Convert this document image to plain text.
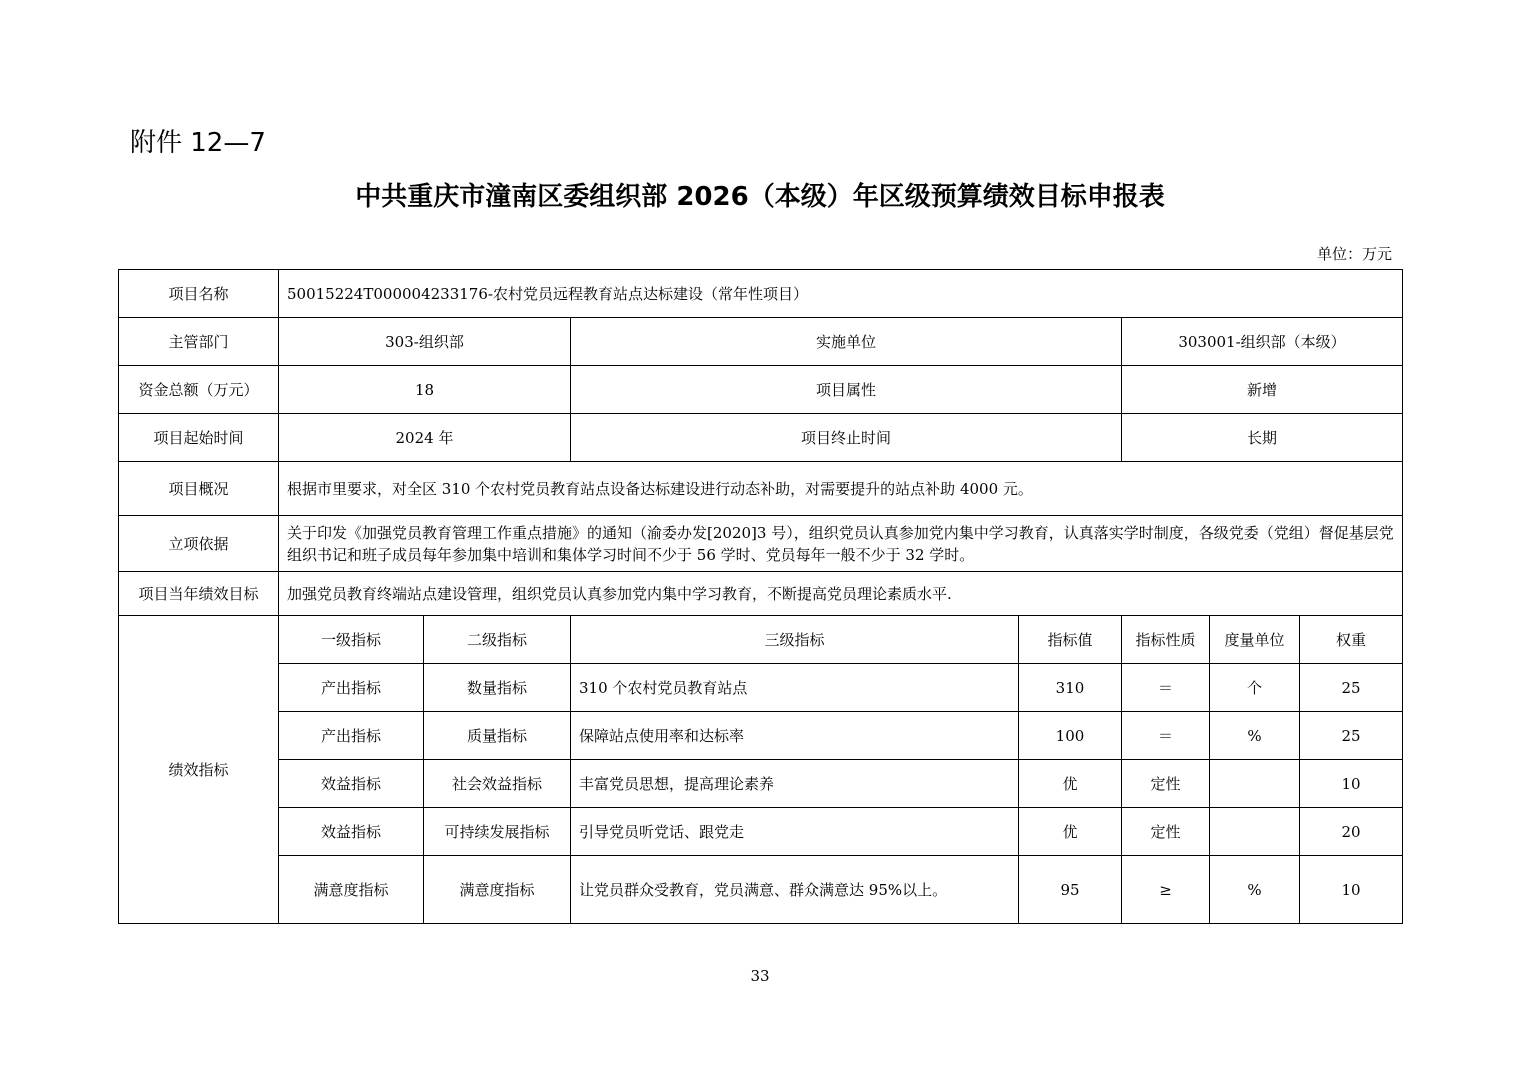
附件 12—7
中共重庆市潼南区委组织部 2026（本级）年区级预算绩效目标申报表
单位：万元
项目名称	50015224T000004233176-农村党员远程教育站点达标建设（常年性项目）						
主管部门	303-组织部		实施单位		303001-组织部（本级）		
资金总额（万元）	18		项目属性		新增		
项目起始时间	2024 年		项目终止时间		长期		
项目概况	根据市里要求，对全区 310 个农村党员教育站点设备达标建设进行动态补助，对需要提升的站点补助 4000 元。						
立项依据	关于印发《加强党员教育管理工作重点措施》的通知（渝委办发[2020]3 号），组织党员认真参加党内集中学习教育，认真落实学时制度，各级党委（党组）督促基层党组织书记和班子成员每年参加集中培训和集体学习时间不少于 56 学时、党员每年一般不少于 32 学时。						
项目当年绩效目标	加强党员教育终端站点建设管理，组织党员认真参加党内集中学习教育，不断提高党员理论素质水平.						
绩效指标	一级指标	二级指标	三级指标	指标值	指标性质	度量单位	权重
	产出指标	数量指标	310 个农村党员教育站点	310	＝	个	25
	产出指标	质量指标	保障站点使用率和达标率	100	＝	%	25
	效益指标	社会效益指标	丰富党员思想，提高理论素养	优	定性		10
	效益指标	可持续发展指标	引导党员听党话、跟党走	优	定性		20
	满意度指标	满意度指标	让党员群众受教育，党员满意、群众满意达 95%以上。	95	≥	%	10
33
